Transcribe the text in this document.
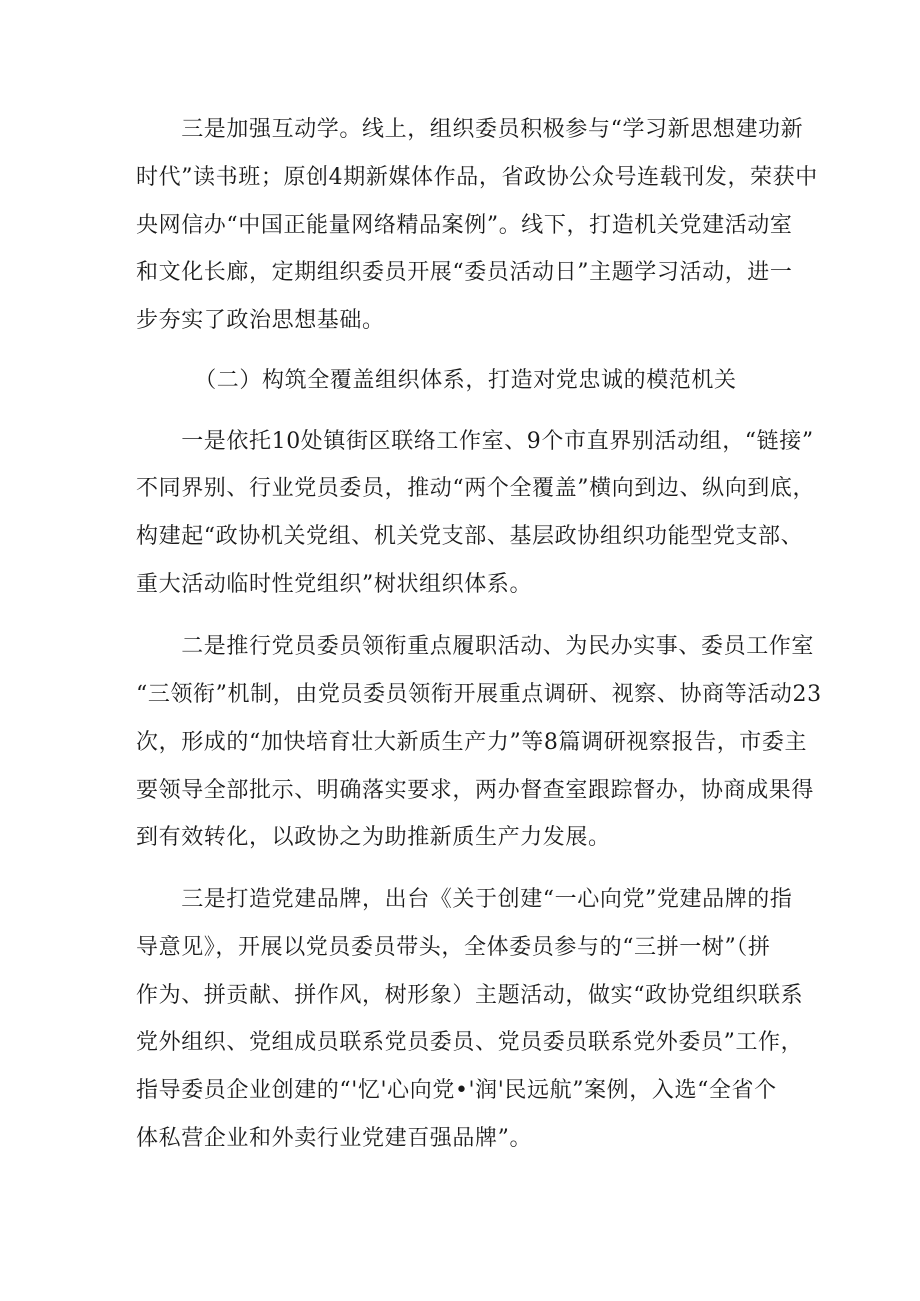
　　三是加强互动学。线上，组织委员积极参与“学习新思想建功新
时代”读书班；原创4期新媒体作品，省政协公众号连载刊发，荣获中
央网信办“中国正能量网络精品案例”。线下，打造机关党建活动室
和文化长廊，定期组织委员开展“委员活动日”主题学习活动，进一
步夯实了政治思想基础。
　　（二）构筑全覆盖组织体系，打造对党忠诚的模范机关
　　一是依托10处镇街区联络工作室、9个市直界别活动组，“链接”
不同界别、行业党员委员，推动“两个全覆盖”横向到边、纵向到底，
构建起“政协机关党组、机关党支部、基层政协组织功能型党支部、
重大活动临时性党组织”树状组织体系。
　　二是推行党员委员领衔重点履职活动、为民办实事、委员工作室
“三领衔”机制，由党员委员领衔开展重点调研、视察、协商等活动23
次，形成的“加快培育壮大新质生产力”等8篇调研视察报告，市委主
要领导全部批示、明确落实要求，两办督查室跟踪督办，协商成果得
到有效转化，以政协之为助推新质生产力发展。
　　三是打造党建品牌，出台《关于创建“一心向党”党建品牌的指
导意见》，开展以党员委员带头，全体委员参与的“三拼一树”（拼
作为、拼贡献、拼作风，树形象）主题活动，做实“政协党组织联系
党外组织、党组成员联系党员委员、党员委员联系党外委员”工作，
指导委员企业创建的“'忆'心向党•'润'民远航”案例，入选“全省个
体私营企业和外卖行业党建百强品牌”。
